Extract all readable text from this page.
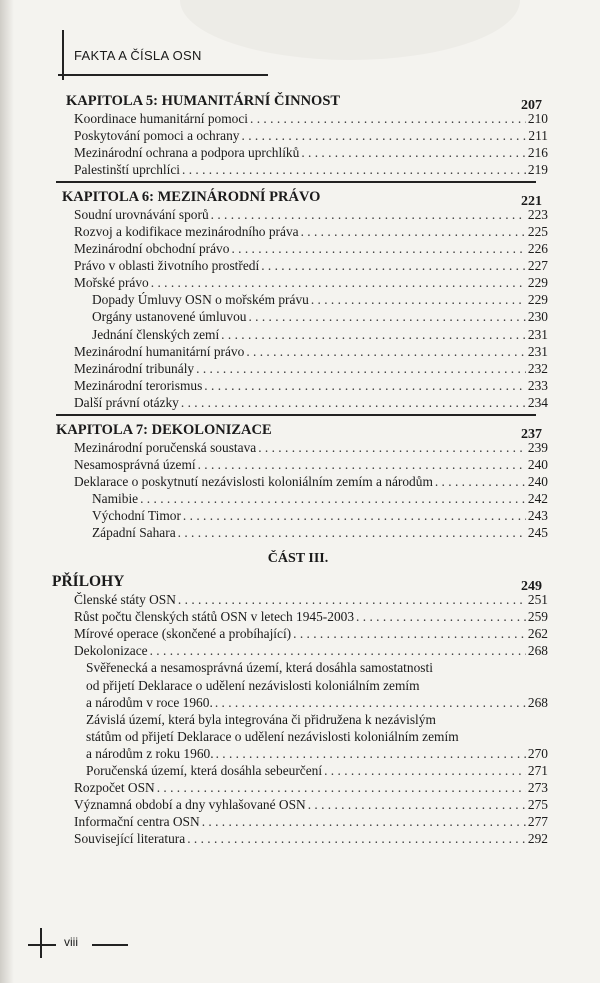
FAKTA A ČÍSLA OSN
KAPITOLA 5: HUMANITÁRNÍ ČINNOST	207
Koordinace humanitární pomoci . . .	210
Poskytování pomoci a ochrany . . .	211
Mezinárodní ochrana a podpora uprchlíků . . .	216
Palestinští uprchlíci . . .	219
KAPITOLA 6: MEZINÁRODNÍ PRÁVO	221
Soudní urovnávání sporů . . .	223
Rozvoj a kodifikace mezinárodního práva . . .	225
Mezinárodní obchodní právo . . .	226
Právo v oblasti životního prostředí . . .	227
Mořské právo . . .	229
Dopady Úmluvy OSN o mořském právu . . .	229
Orgány ustanovené úmluvou . . .	230
Jednání členských zemí . . .	231
Mezinárodní humanitární právo . . .	231
Mezinárodní tribunály . . .	232
Mezinárodní terorismus . . .	233
Další právní otázky . . .	234
KAPITOLA 7: DEKOLONIZACE	237
Mezinárodní poručenská soustava . . .	239
Nesamosprávná území . . .	240
Deklarace o poskytnutí nezávislosti koloniálním zemím a národům . . .	240
Namibie . . .	242
Východní Timor . . .	243
Západní Sahara . . .	245
ČÁST III.
PŘÍLOHY	249
Členské státy OSN . . .	251
Růst počtu členských států OSN v letech 1945-2003 . . .	259
Mírové operace (skončené a probíhající) . . .	262
Dekolonizace . . .	268
Svěřenecká a nesamosprávná území, která dosáhla samostatnosti
od přijetí Deklarace o udělení nezávislosti koloniálním zemím
a národům v roce 1960. . . .	268
Závislá území, která byla integrována či přidružena k nezávislým
státům od přijetí Deklarace o udělení nezávislosti koloniálním zemím
a národům z roku 1960. . . .	270
Poručenská území, která dosáhla sebeurčení . . .	271
Rozpočet OSN . . .	273
Významná období a dny vyhlašované OSN . . .	275
Informační centra OSN . . .	277
Související literatura . . .	292
viii
